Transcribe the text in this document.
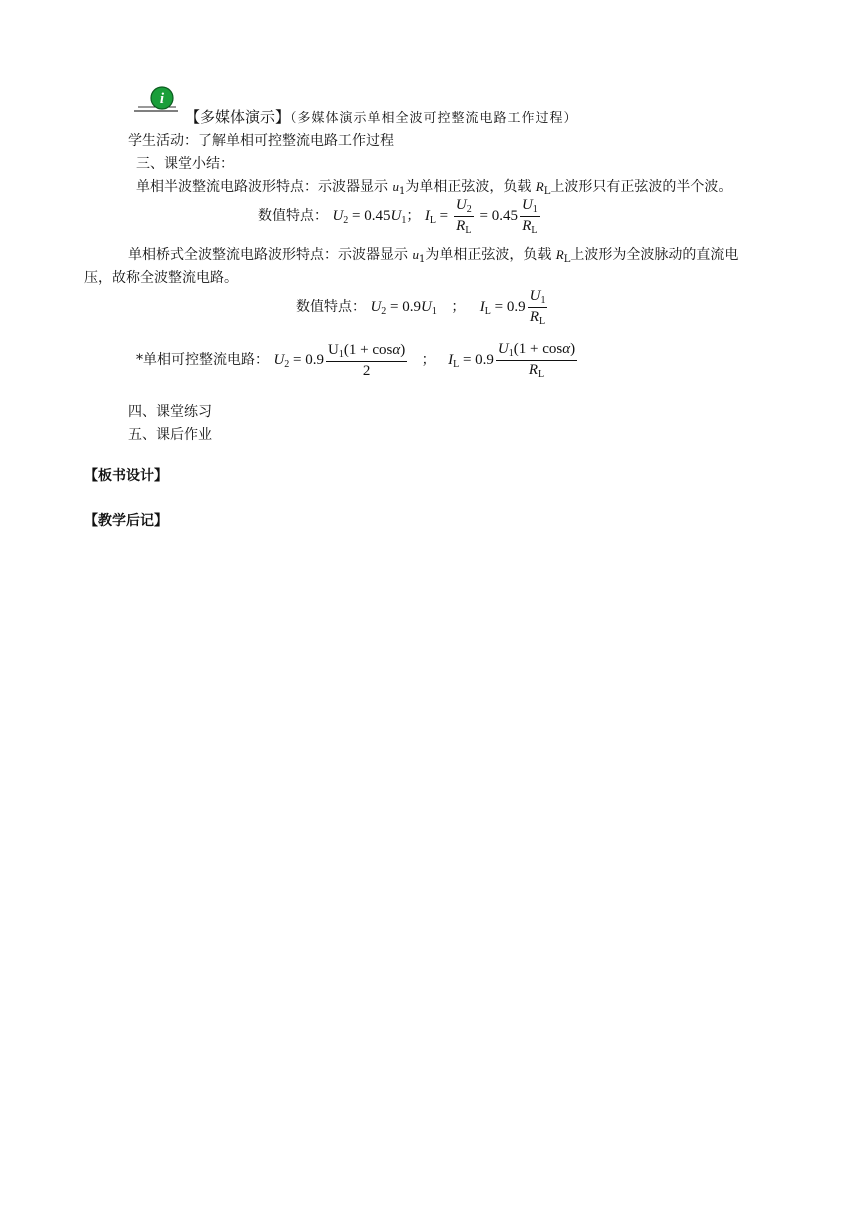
i
【多媒体演示】（多媒体演示单相全波可控整流电路工作过程）
学生活动：了解单相可控整流电路工作过程
三、课堂小结：
单相半波整流电路波形特点：示波器显示 $u_1$为单相正弦波，负载 $R_L$上波形只有正弦波的半个波。
数值特点： $U_2 = 0.45U_1$； $I_L = \frac{U_2}{R_L} = 0.45 \frac{U_1}{R_L}$
单相桥式全波整流电路波形特点：示波器显示 $u_1$为单相正弦波，负载 $R_L$上波形为全波脉动的直流电
压，故称全波整流电路。
数值特点： $U_2 = 0.9U_1$ ； $I_L = 0.9 \frac{U_1}{R_L}$
*单相可控整流电路： $U_2 = 0.9 \frac{U_1(1 + \cos\alpha)}{2}$ ； $I_L = 0.9 \frac{U_1(1 + \cos\alpha)}{R_L}$
四、课堂练习
五、课后作业
【板书设计】
【教学后记】
